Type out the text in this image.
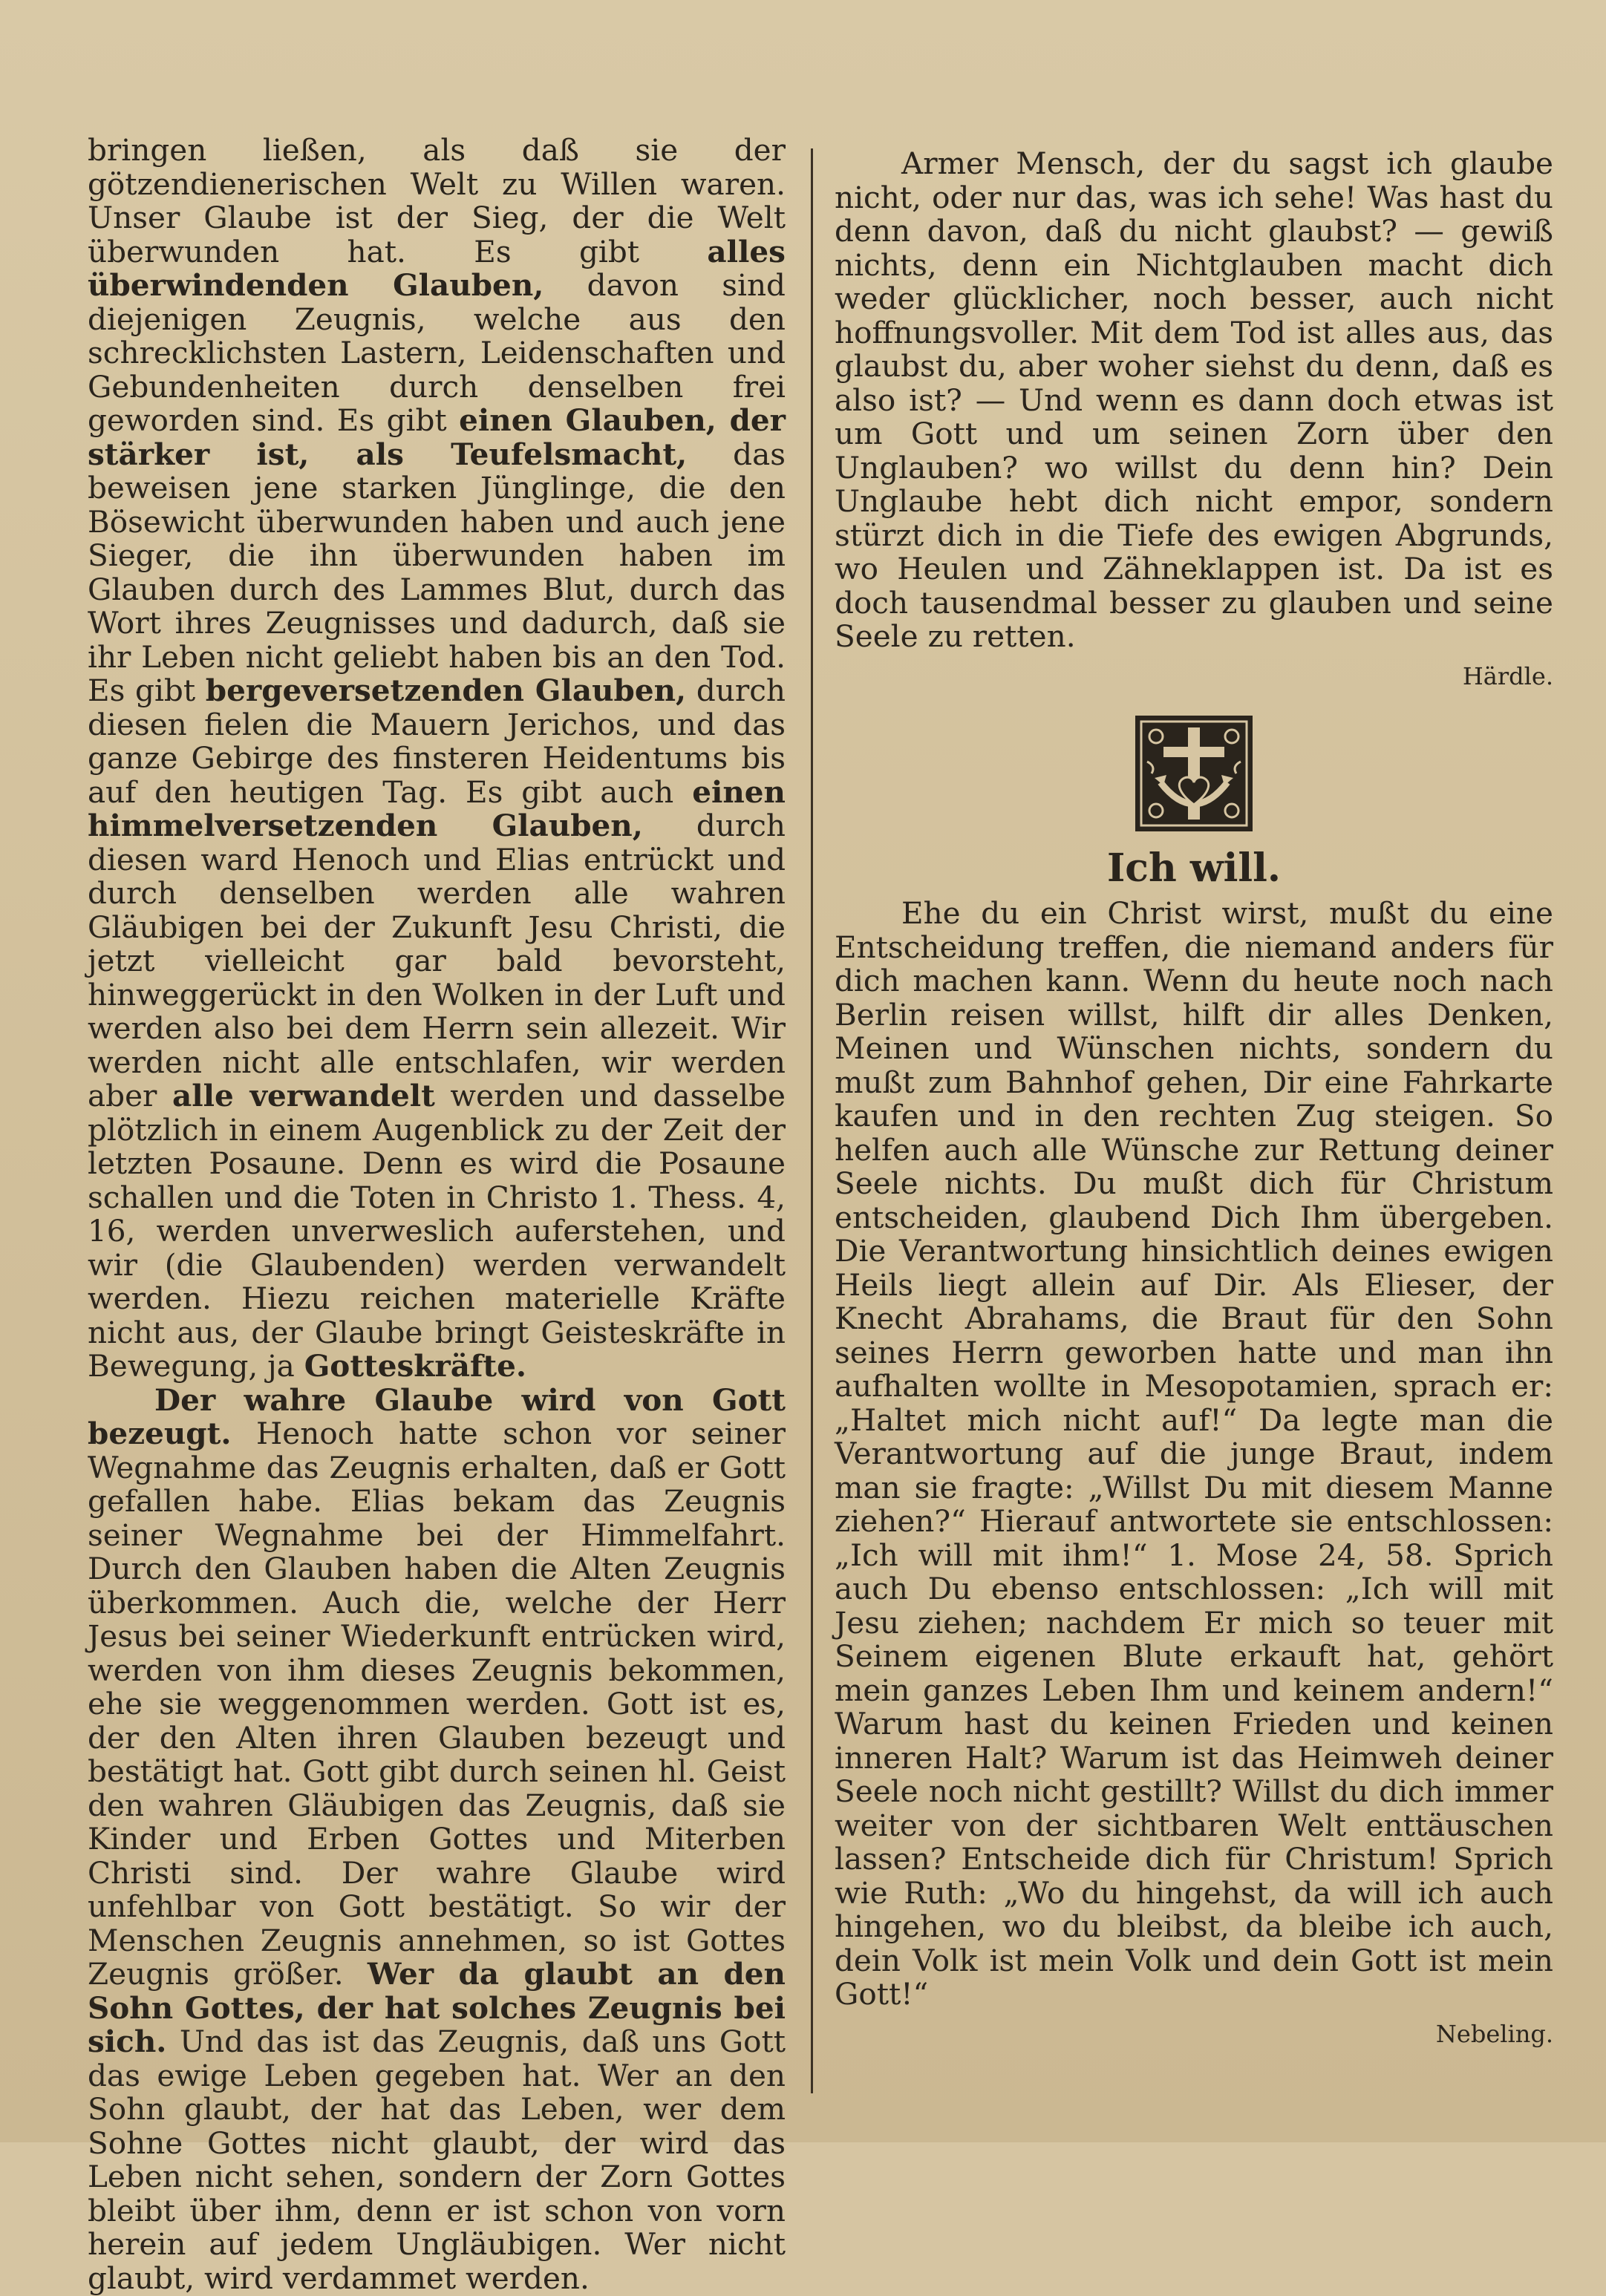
bringen ließen, als daß sie der götzendienerischen Welt zu Willen waren. Unser Glaube ist der Sieg, der die Welt überwunden hat. Es gibt alles überwindenden Glauben, davon sind diejenigen Zeugnis, welche aus den schrecklichsten Lastern, Leidenschaften und Gebundenheiten durch denselben frei geworden sind. Es gibt einen Glauben, der stärker ist, als Teufelsmacht, das beweisen jene starken Jünglinge, die den Bösewicht überwunden haben und auch jene Sieger, die ihn überwunden haben im Glauben durch des Lammes Blut, durch das Wort ihres Zeugnisses und dadurch, daß sie ihr Leben nicht geliebt haben bis an den Tod. Es gibt bergeversetzenden Glauben, durch diesen fielen die Mauern Jerichos, und das ganze Gebirge des finsteren Heidentums bis auf den heutigen Tag. Es gibt auch einen himmelversetzenden Glauben, durch diesen ward Henoch und Elias entrückt und durch denselben werden alle wahren Gläubigen bei der Zukunft Jesu Christi, die jetzt vielleicht gar bald bevorsteht, hinweggerückt in den Wolken in der Luft und werden also bei dem Herrn sein allezeit. Wir werden nicht alle entschlafen, wir werden aber alle verwandelt werden und dasselbe plötzlich in einem Augenblick zu der Zeit der letzten Posaune. Denn es wird die Posaune schallen und die Toten in Christo 1. Thess. 4, 16, werden unverweslich auferstehen, und wir (die Glaubenden) werden verwandelt werden. Hiezu reichen materielle Kräfte nicht aus, der Glaube bringt Geisteskräfte in Bewegung, ja Gotteskräfte.

Der wahre Glaube wird von Gott bezeugt. Henoch hatte schon vor seiner Wegnahme das Zeugnis erhalten, daß er Gott gefallen habe. Elias bekam das Zeugnis seiner Wegnahme bei der Himmelfahrt. Durch den Glauben haben die Alten Zeugnis überkommen. Auch die, welche der Herr Jesus bei seiner Wiederkunft entrücken wird, werden von ihm dieses Zeugnis bekommen, ehe sie weggenommen werden. Gott ist es, der den Alten ihren Glauben bezeugt und bestätigt hat. Gott gibt durch seinen hl. Geist den wahren Gläubigen das Zeugnis, daß sie Kinder und Erben Gottes und Miterben Christi sind. Der wahre Glaube wird unfehlbar von Gott bestätigt. So wir der Menschen Zeugnis annehmen, so ist Gottes Zeugnis größer. Wer da glaubt an den Sohn Gottes, der hat solches Zeugnis bei sich. Und das ist das Zeugnis, daß uns Gott das ewige Leben gegeben hat. Wer an den Sohn glaubt, der hat das Leben, wer dem Sohne Gottes nicht glaubt, der wird das Leben nicht sehen, sondern der Zorn Gottes bleibt über ihm, denn er ist schon von vorn herein auf jedem Ungläubigen. Wer nicht glaubt, wird verdammet werden.

Armer Mensch, der du sagst ich glaube nicht, oder nur das, was ich sehe! Was hast du denn davon, daß du nicht glaubst? — gewiß nichts, denn ein Nichtglauben macht dich weder glücklicher, noch besser, auch nicht hoffnungsvoller. Mit dem Tod ist alles aus, das glaubst du, aber woher siehst du denn, daß es also ist? — Und wenn es dann doch etwas ist um Gott und um seinen Zorn über den Unglauben? wo willst du denn hin? Dein Unglaube hebt dich nicht empor, sondern stürzt dich in die Tiefe des ewigen Abgrunds, wo Heulen und Zähneklappen ist. Da ist es doch tausendmal besser zu glauben und seine Seele zu retten.

Härdle.
Ich will.

Ehe du ein Christ wirst, mußt du eine Entscheidung treffen, die niemand anders für dich machen kann. Wenn du heute noch nach Berlin reisen willst, hilft dir alles Denken, Meinen und Wünschen nichts, sondern du mußt zum Bahnhof gehen, Dir eine Fahrkarte kaufen und in den rechten Zug steigen. So helfen auch alle Wünsche zur Rettung deiner Seele nichts. Du mußt dich für Christum entscheiden, glaubend Dich Ihm übergeben. Die Verantwortung hinsichtlich deines ewigen Heils liegt allein auf Dir. Als Elieser, der Knecht Abrahams, die Braut für den Sohn seines Herrn geworben hatte und man ihn aufhalten wollte in Mesopotamien, sprach er: „Haltet mich nicht auf!“ Da legte man die Verantwortung auf die junge Braut, indem man sie fragte: „Willst Du mit diesem Manne ziehen?“ Hierauf antwortete sie entschlossen: „Ich will mit ihm!“ 1. Mose 24, 58. Sprich auch Du ebenso entschlossen: „Ich will mit Jesu ziehen; nachdem Er mich so teuer mit Seinem eigenen Blute erkauft hat, gehört mein ganzes Leben Ihm und keinem andern!“ Warum hast du keinen Frieden und keinen inneren Halt? Warum ist das Heimweh deiner Seele noch nicht gestillt? Willst du dich immer weiter von der sichtbaren Welt enttäuschen lassen? Entscheide dich für Christum! Sprich wie Ruth: „Wo du hingehst, da will ich auch hingehen, wo du bleibst, da bleibe ich auch, dein Volk ist mein Volk und dein Gott ist mein Gott!“

Nebeling.
